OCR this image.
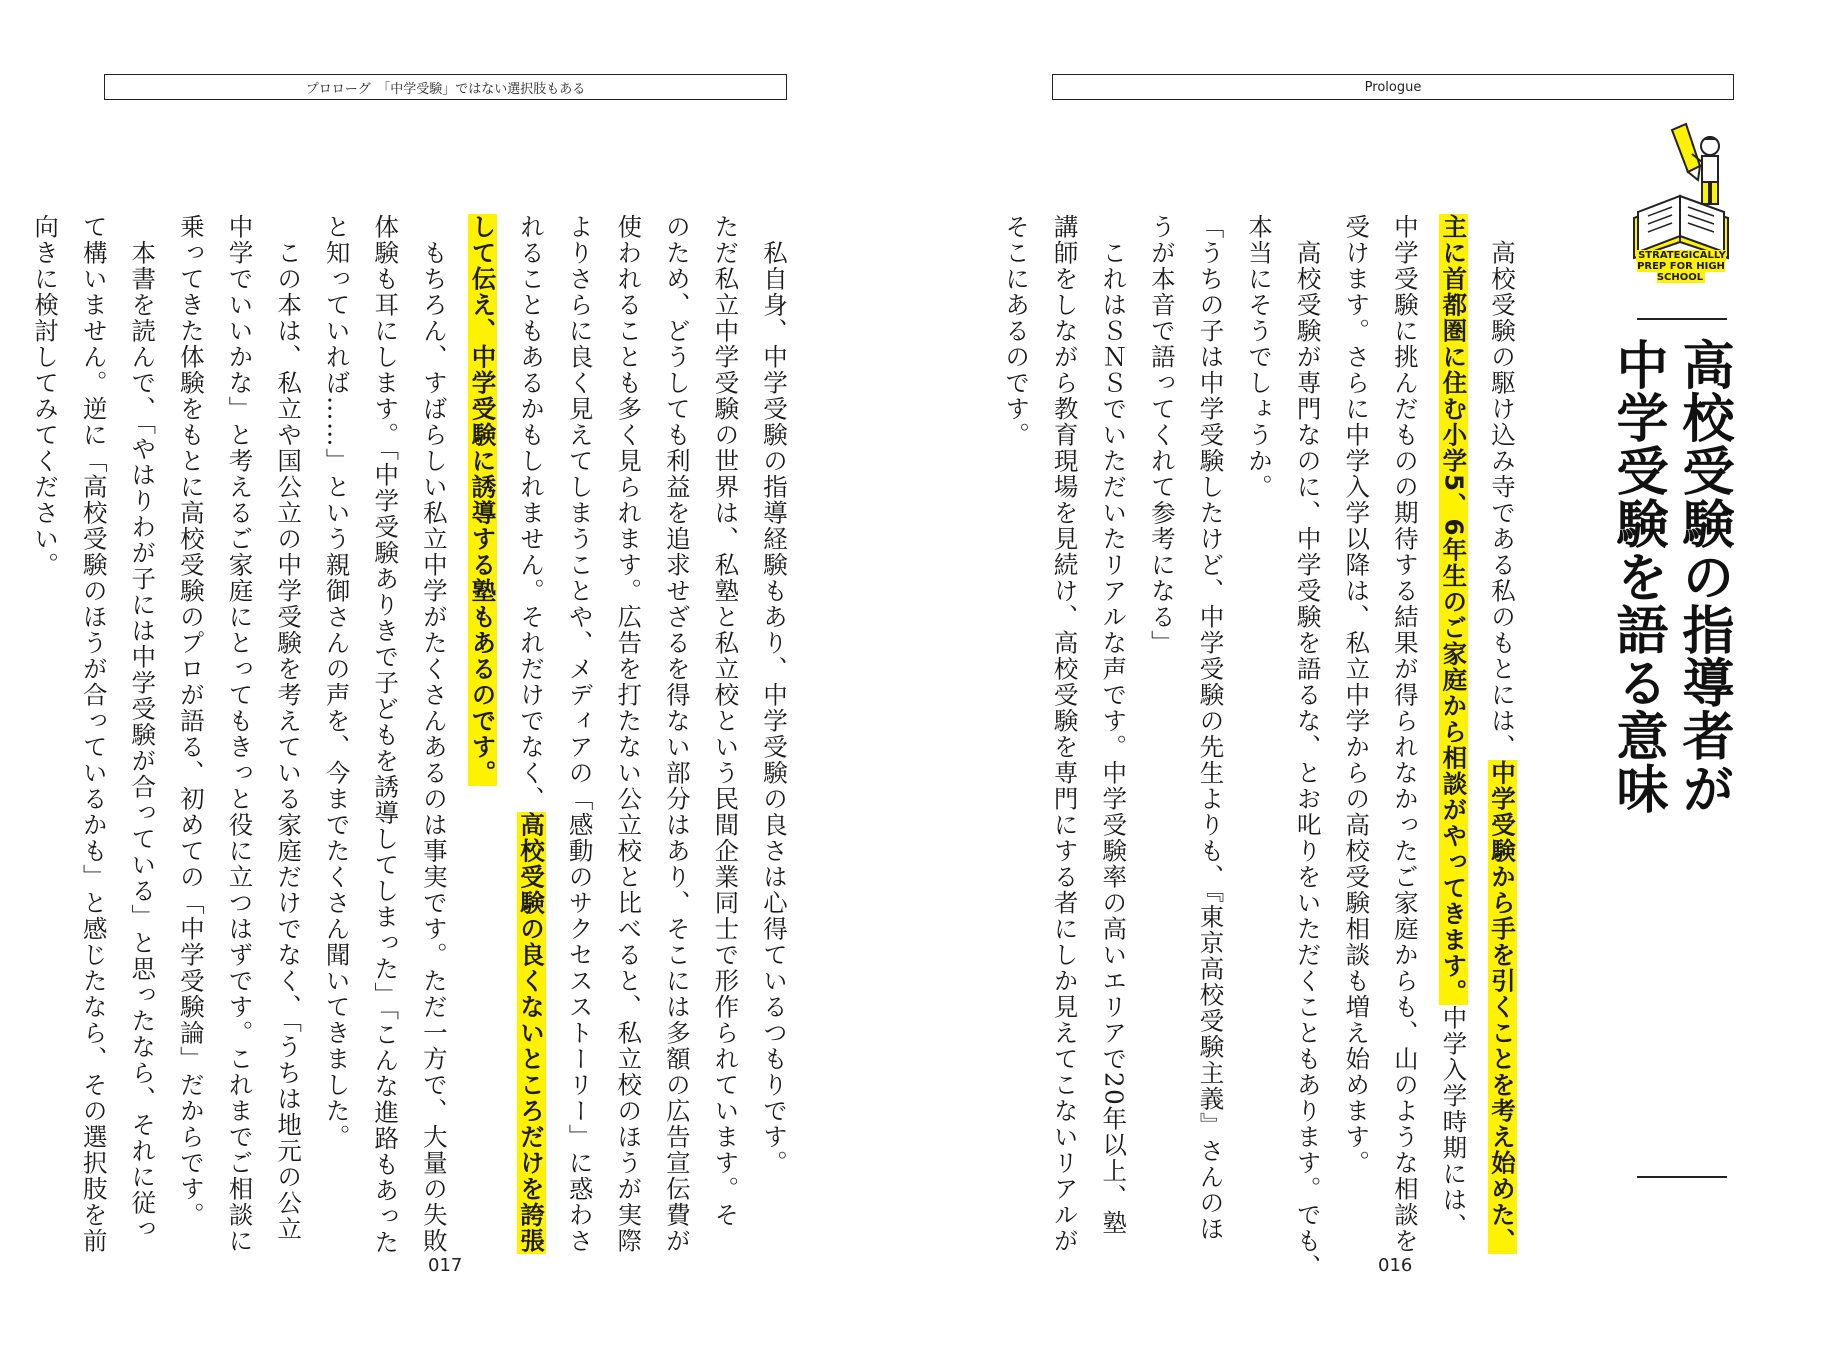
プロローグ　「中学受験」ではない選択肢もある
　私自身、中学受験の指導経験もあり、中学受験の良さは心得ているつもりです。
ただ私立中学受験の世界は、私塾と私立校という民間企業同士で形作られています。そ
のため、どうしても利益を追求せざるを得ない部分はあり、そこには多額の広告宣伝費が
使われることも多く見られます。広告を打たない公立校と比べると、私立校のほうが実際
よりさらに良く見えてしまうことや、メディアの「感動のサクセスストーリー」に惑わさ
れることもあるかもしれません。それだけでなく、高校受験の良くないところだけを誇張
して伝え、中学受験に誘導する塾もあるのです。
　もちろん、すばらしい私立中学がたくさんあるのは事実です。ただ一方で、大量の失敗
体験も耳にします。「中学受験ありきで子どもを誘導してしまった」「こんな進路もあった
と知っていれば……」という親御さんの声を、今までたくさん聞いてきました。
　この本は、私立や国公立の中学受験を考えている家庭だけでなく、「うちは地元の公立
中学でいいかな」と考えるご家庭にとってもきっと役に立つはずです。これまでご相談に
乗ってきた体験をもとに高校受験のプロが語る、初めての「中学受験論」だからです。
　本書を読んで、「やはりわが子には中学受験が合っている」と思ったなら、それに従っ
て構いません。逆に「高校受験のほうが合っているかも」と感じたなら、その選択肢を前
向きに検討してみてください。
017
Prologue
STRATEGICALLY PREP FOR HIGH SCHOOL
高校受験の指導者が
中学受験を語る意味
　高校受験の駆け込み寺である私のもとには、中学受験から手を引くことを考え始めた、
主に首都圏に住む小学5、6年生のご家庭から相談がやってきます。中学入学時期には、
中学受験に挑んだものの期待する結果が得られなかったご家庭からも、山のような相談を
受けます。さらに中学入学以降は、私立中学からの高校受験相談も増え始めます。
　高校受験が専門なのに、中学受験を語るな、とお叱りをいただくこともあります。でも、
本当にそうでしょうか。
「うちの子は中学受験したけど、中学受験の先生よりも、『東京高校受験主義』さんのほ
うが本音で語ってくれて参考になる」
　これはＳＮＳでいただいたリアルな声です。中学受験率の高いエリアで20年以上、塾
講師をしながら教育現場を見続け、高校受験を専門にする者にしか見えてこないリアルが
そこにあるのです。
016
